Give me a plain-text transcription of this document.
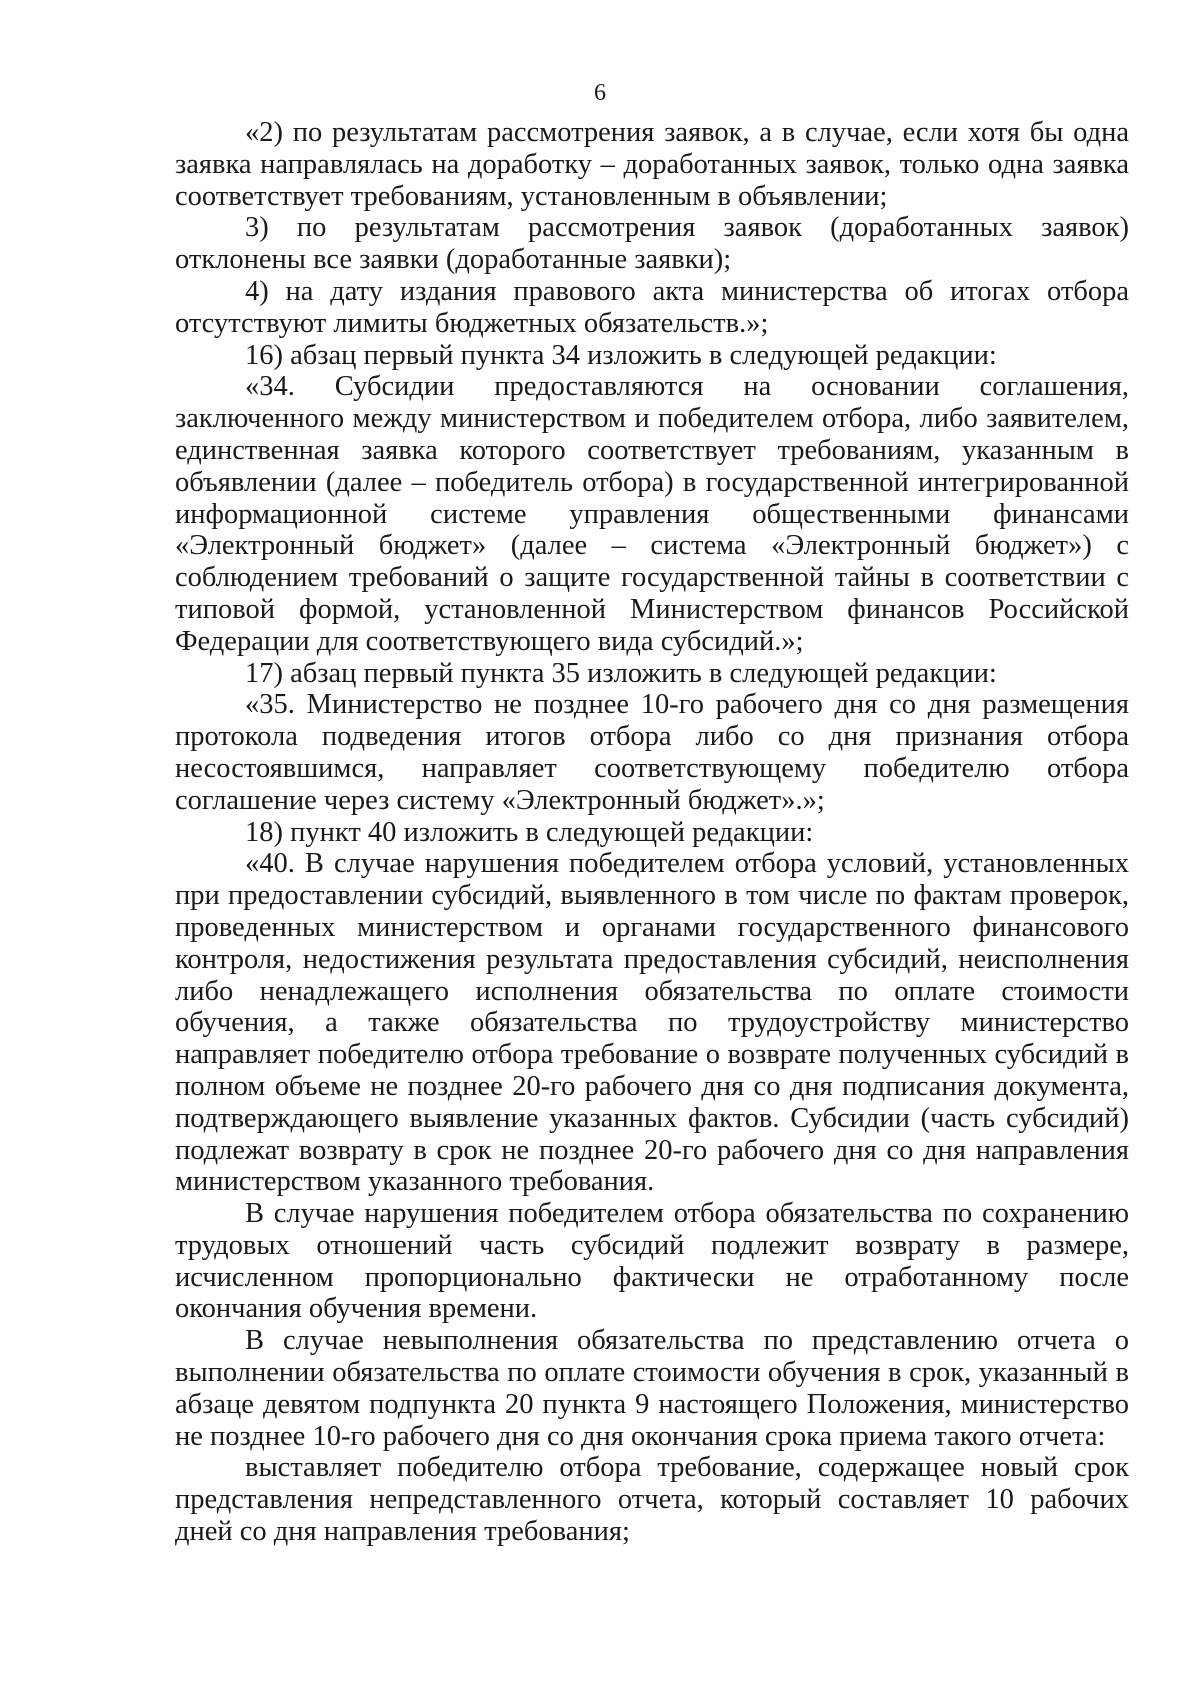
6

«2) по результатам рассмотрения заявок, а в случае, если хотя бы одна заявка направлялась на доработку – доработанных заявок, только одна заявка соответствует требованиям, установленным в объявлении;

3) по результатам рассмотрения заявок (доработанных заявок) отклонены все заявки (доработанные заявки);

4) на дату издания правового акта министерства об итогах отбора отсутствуют лимиты бюджетных обязательств.»;

16) абзац первый пункта 34 изложить в следующей редакции:

«34. Субсидии предоставляются на основании соглашения, заключенного между министерством и победителем отбора, либо заявителем, единственная заявка которого соответствует требованиям, указанным в объявлении (далее – победитель отбора) в государственной интегрированной информационной системе управления общественными финансами «Электронный бюджет» (далее – система «Электронный бюджет») с соблюдением требований о защите государственной тайны в соответствии с типовой формой, установленной Министерством финансов Российской Федерации для соответствующего вида субсидий.»;

17) абзац первый пункта 35 изложить в следующей редакции:

«35. Министерство не позднее 10-го рабочего дня со дня размещения протокола подведения итогов отбора либо со дня признания отбора несостоявшимся, направляет соответствующему победителю отбора соглашение через систему «Электронный бюджет».»;

18) пункт 40 изложить в следующей редакции:

«40. В случае нарушения победителем отбора условий, установленных при предоставлении субсидий, выявленного в том числе по фактам проверок, проведенных министерством и органами государственного финансового контроля, недостижения результата предоставления субсидий, неисполнения либо ненадлежащего исполнения обязательства по оплате стоимости обучения, а также обязательства по трудоустройству министерство направляет победителю отбора требование о возврате полученных субсидий в полном объеме не позднее 20-го рабочего дня со дня подписания документа, подтверждающего выявление указанных фактов. Субсидии (часть субсидий) подлежат возврату в срок не позднее 20-го рабочего дня со дня направления министерством указанного требования.

В случае нарушения победителем отбора обязательства по сохранению трудовых отношений часть субсидий подлежит возврату в размере, исчисленном пропорционально фактически не отработанному после окончания обучения времени.

В случае невыполнения обязательства по представлению отчета о выполнении обязательства по оплате стоимости обучения в срок, указанный в абзаце девятом подпункта 20 пункта 9 настоящего Положения, министерство не позднее 10-го рабочего дня со дня окончания срока приема такого отчета:

выставляет победителю отбора требование, содержащее новый срок представления непредставленного отчета, который составляет 10 рабочих дней со дня направления требования;
